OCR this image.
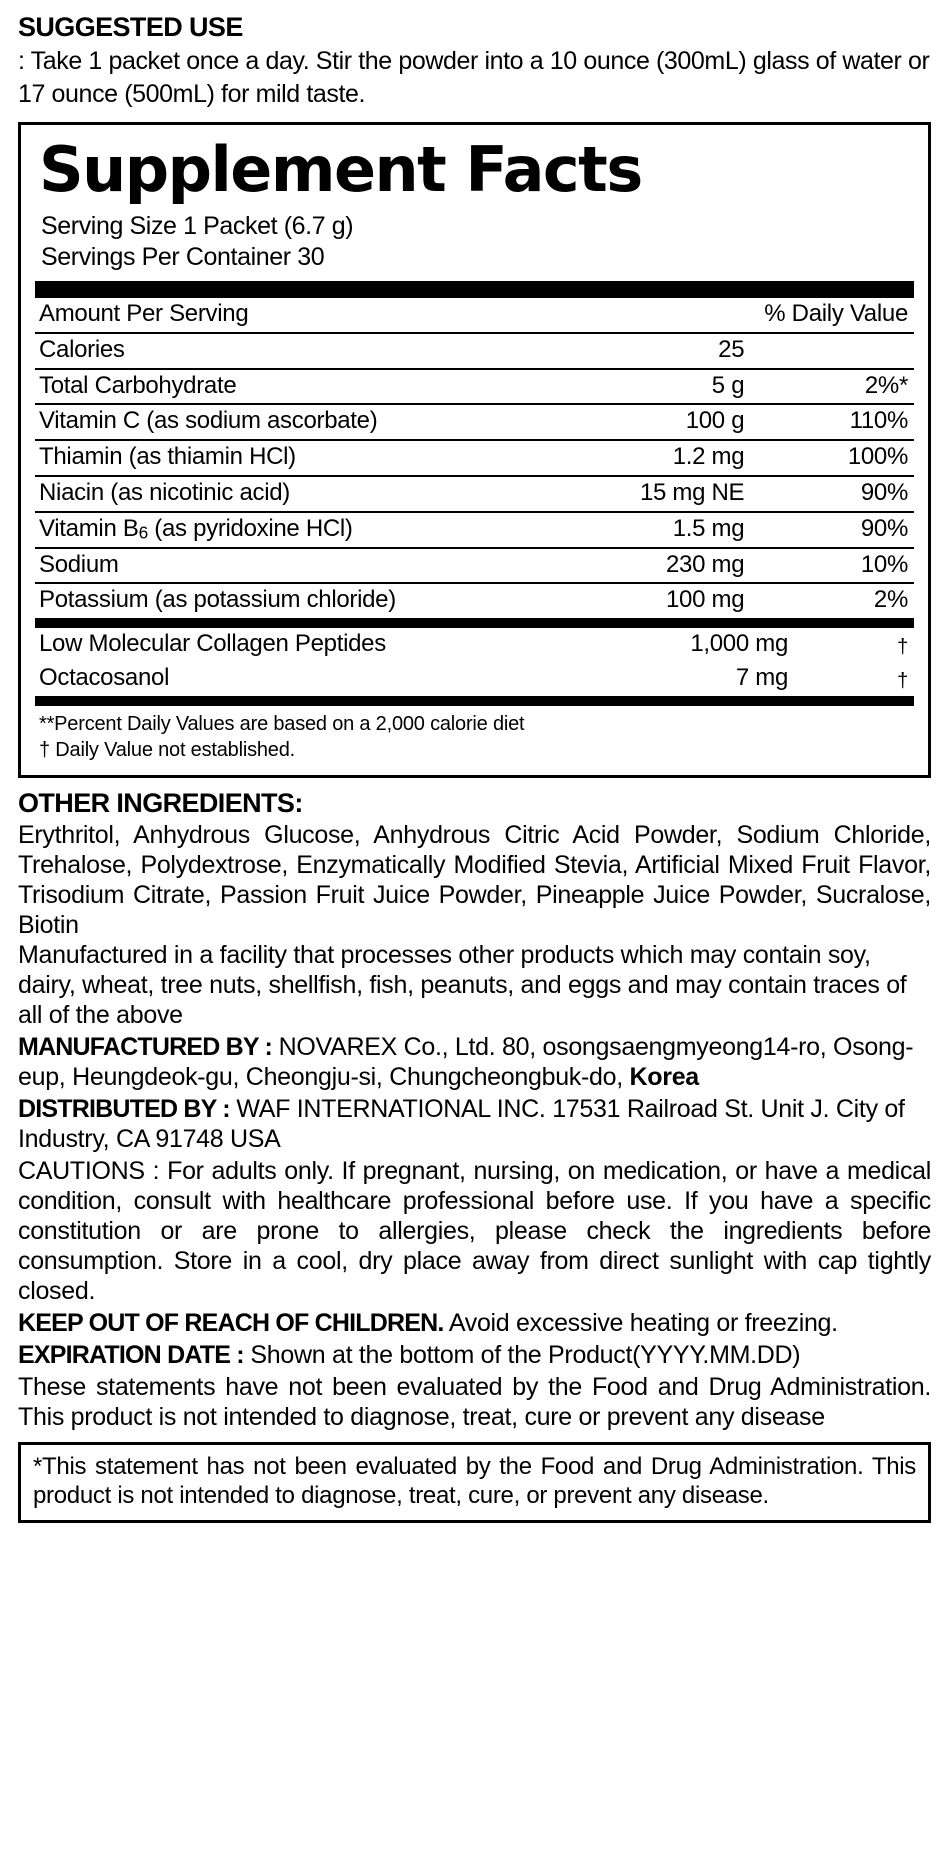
SUGGESTED USE
: Take 1 packet once a day. Stir the powder into a 10 ounce (300mL) glass of water or 17 ounce (500mL) for mild taste.
Supplement Facts
Serving Size 1 Packet (6.7 g)
Servings Per Container 30
Amount Per Serving		% Daily Value
Calories	25	
Total Carbohydrate	5 g	2%*
Vitamin C (as sodium ascorbate)	100 g	110%
Thiamin (as thiamin HCl)	1.2 mg	100%
Niacin (as nicotinic acid)	15 mg NE	90%
Vitamin B6 (as pyridoxine HCl)	1.5 mg	90%
Sodium	230 mg	10%
Potassium (as potassium chloride)	100 mg	2%
Low Molecular Collagen Peptides	1,000 mg	†
Octacosanol	7 mg	†
**Percent Daily Values are based on a 2,000 calorie diet
† Daily Value not established.
OTHER INGREDIENTS:

Erythritol, Anhydrous Glucose, Anhydrous Citric Acid Powder, Sodium Chloride, Trehalose, Polydextrose, Enzymatically Modified Stevia, Artificial Mixed Fruit Flavor, Trisodium Citrate, Passion Fruit Juice Powder, Pineapple Juice Powder, Sucralose, Biotin

Manufactured in a facility that processes other products which may contain soy, dairy, wheat, tree nuts, shellfish, fish, peanuts, and eggs and may contain traces of all of the above

MANUFACTURED BY : NOVAREX Co., Ltd. 80, osongsaengmyeong14-ro, Osong-eup, Heungdeok-gu, Cheongju-si, Chungcheongbuk-do, Korea

DISTRIBUTED BY : WAF INTERNATIONAL INC. 17531 Railroad St. Unit J. City of Industry, CA 91748 USA

CAUTIONS : For adults only. If pregnant, nursing, on medication, or have a medical condition, consult with healthcare professional before use. If you have a specific constitution or are prone to allergies, please check the ingredients before consumption. Store in a cool, dry place away from direct sunlight with cap tightly closed.

KEEP OUT OF REACH OF CHILDREN. Avoid excessive heating or freezing.

EXPIRATION DATE : Shown at the bottom of the Product(YYYY.MM.DD)

These statements have not been evaluated by the Food and Drug Administration. This product is not intended to diagnose, treat, cure or prevent any disease

*This statement has not been evaluated by the Food and Drug Administration. This product is not intended to diagnose, treat, cure, or prevent any disease.
